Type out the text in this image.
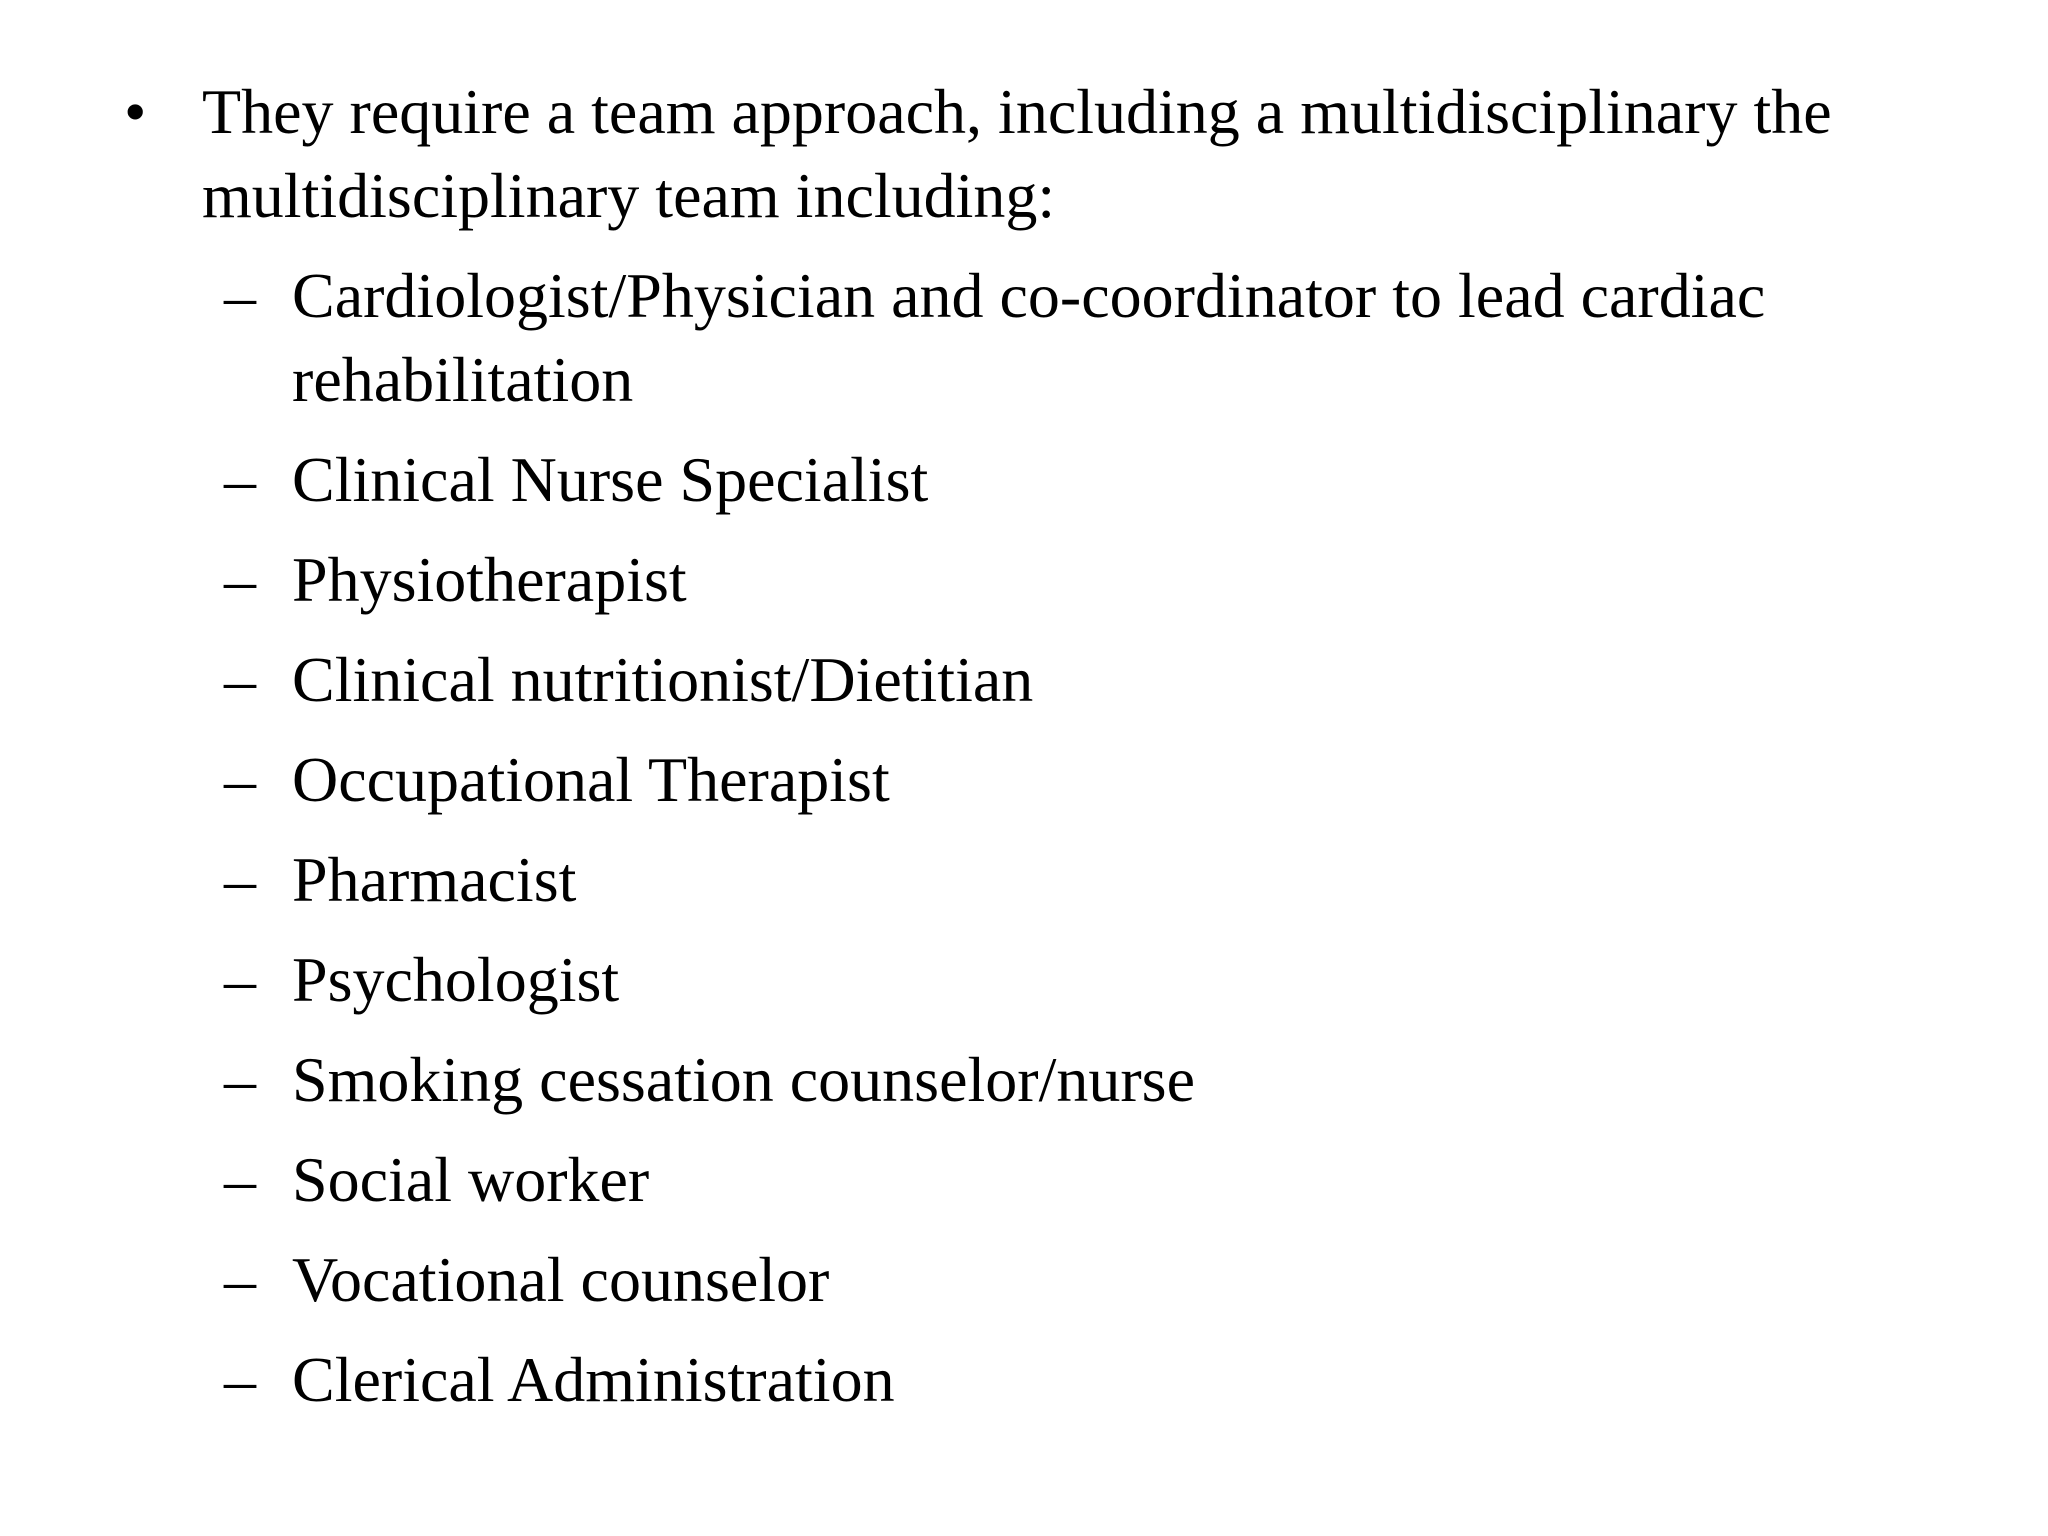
• They require a team approach, including a multidisciplinary the multidisciplinary team including:
– Cardiologist/Physician and co-coordinator to lead cardiac rehabilitation
– Clinical Nurse Specialist
– Physiotherapist
– Clinical nutritionist/Dietitian
– Occupational Therapist
– Pharmacist
– Psychologist
– Smoking cessation counselor/nurse
– Social worker
– Vocational counselor
– Clerical Administration
